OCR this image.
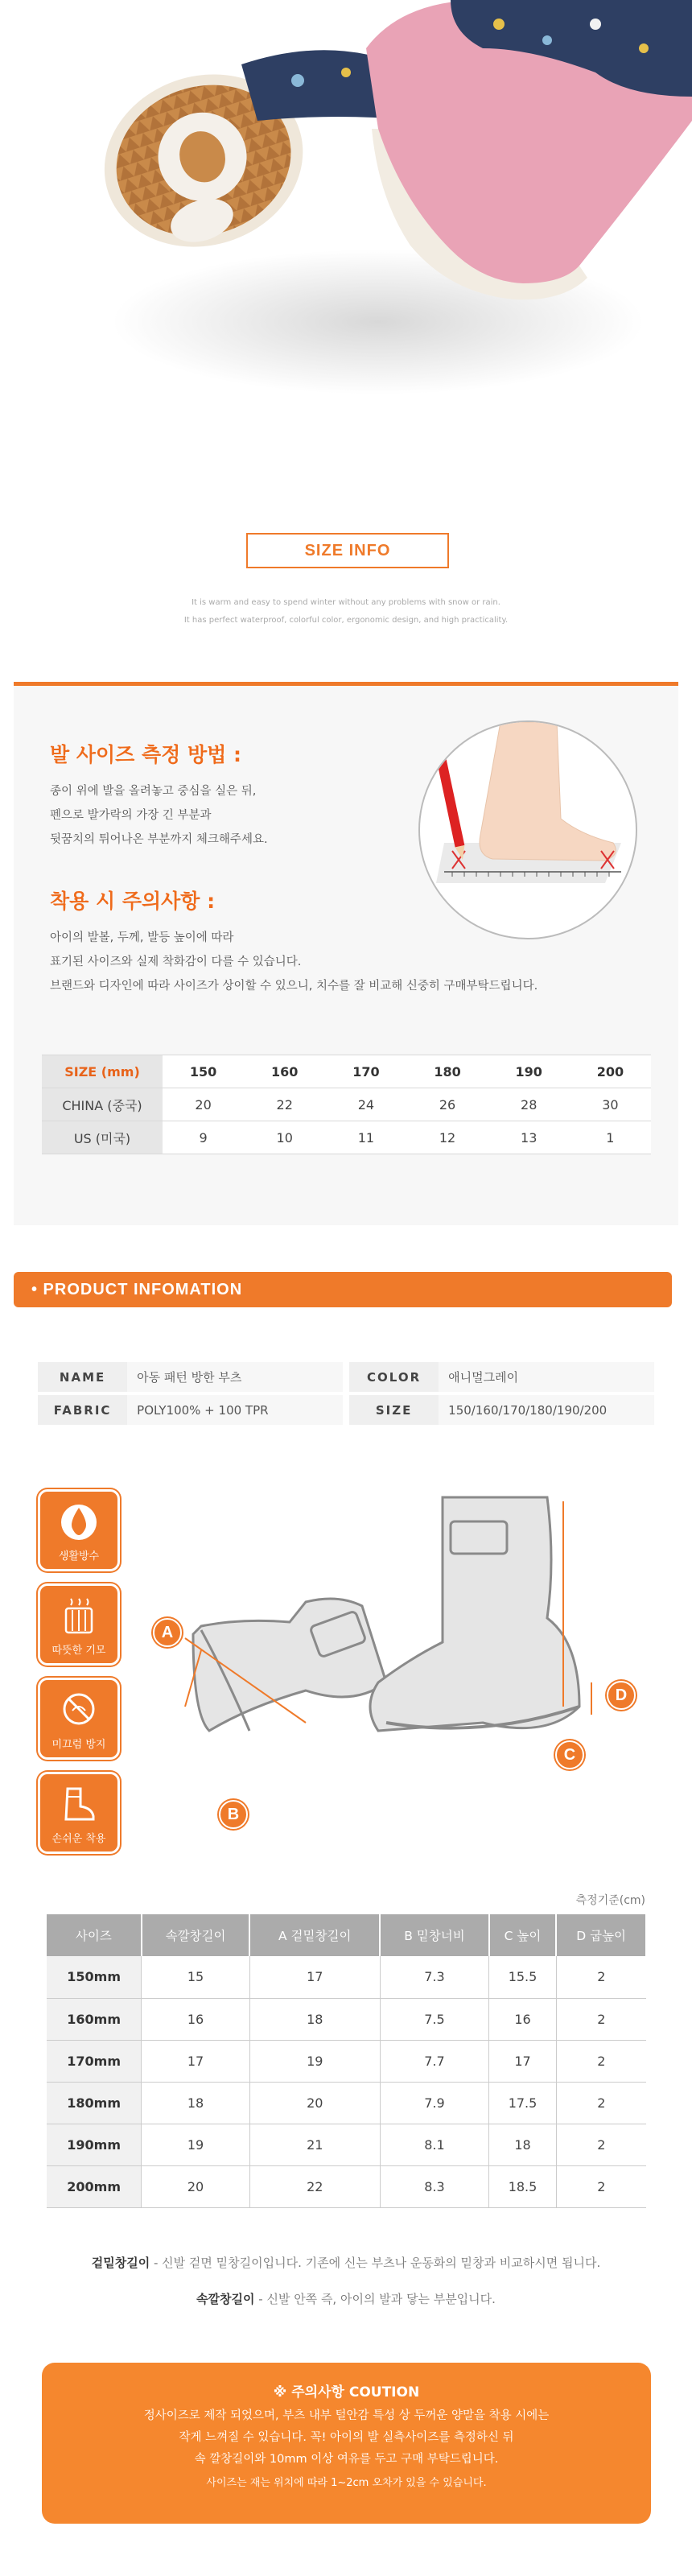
SIZE INFO
It is warm and easy to spend winter without any problems with snow or rain.
It has perfect waterproof, colorful color, ergonomic design, and high practicality.
발 사이즈 측정 방법 :
종이 위에 발을 올려놓고 중심을 실은 뒤,
펜으로 발가락의 가장 긴 부분과
뒷꿈치의 튀어나온 부분까지 체크해주세요.
착용 시 주의사항 :
아이의 발볼, 두께, 발등 높이에 따라
표기된 사이즈와 실제 착화감이 다를 수 있습니다.
브랜드와 디자인에 따라 사이즈가 상이할 수 있으니, 치수를 잘 비교해 신중히 구매부탁드립니다.
SIZE (mm)	150	160	170	180	190	200
CHINA (중국)	20	22	24	26	28	30
US (미국)	9	10	11	12	13	1
• PRODUCT INFOMATION
NAME	아동 패턴 방한 부츠		COLOR	애니멀그레이

FABRIC	POLY100% + 100 TPR		SIZE	150/160/170/180/190/200
생활방수
따뜻한 기모
미끄럼 방지
손쉬운 착용
A
B
C
D
측정기준(cm)
사이즈	속깔창길이	A 겉밑창길이	B 밑창너비	C 높이	D 굽높이
150mm	15	17	7.3	15.5	2
160mm	16	18	7.5	16	2
170mm	17	19	7.7	17	2
180mm	18	20	7.9	17.5	2
190mm	19	21	8.1	18	2
200mm	20	22	8.3	18.5	2
겉밑창길이 - 신발 겉면 밑창길이입니다. 기존에 신는 부츠나 운동화의 밑창과 비교하시면 됩니다.
속깔창길이 - 신발 안쪽 즉, 아이의 발과 닿는 부분입니다.
※ 주의사항 COUTION
정사이즈로 제작 되었으며, 부츠 내부 털안감 특성 상 두꺼운 양말을 착용 시에는
작게 느껴질 수 있습니다. 꼭! 아이의 발 실측사이즈를 측정하신 뒤
속 깔창길이와 10mm 이상 여유를 두고 구매 부탁드립니다.
사이즈는 재는 위치에 따라 1~2cm 오차가 있을 수 있습니다.
